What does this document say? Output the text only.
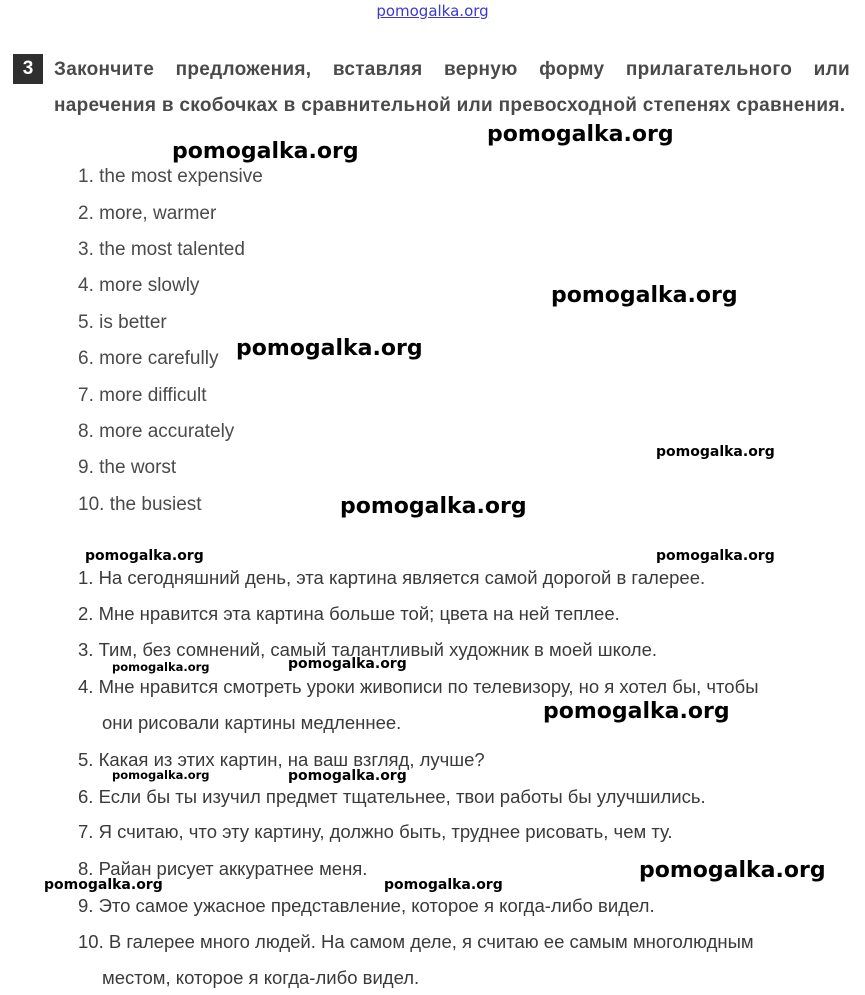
pomogalka.org
3	Закончите предложения, вставляя верную форму прилагательного или наречения в скобочках в сравнительной или превосходной степенях сравнения.
1. the most expensive
2. more, warmer
3. the most talented
4. more slowly
5. is better
6. more carefully
7. more difficult
8. more accurately
9. the worst
10. the busiest
1. На сегодняшний день, эта картина является самой дорогой в галерее.
2. Мне нравится эта картина больше той; цвета на ней теплее.
3. Тим, без сомнений, самый талантливый художник в моей школе.
4. Мне нравится смотреть уроки живописи по телевизору, но я хотел бы, чтобы
они рисовали картины медленнее.
5. Какая из этих картин, на ваш взгляд, лучше?
6. Если бы ты изучил предмет тщательнее, твои работы бы улучшились.
7. Я считаю, что эту картину, должно быть, труднее рисовать, чем ту.
8. Райан рисует аккуратнее меня.
9. Это самое ужасное представление, которое я когда-либо видел.
10. В галерее много людей. На самом деле, я считаю ее самым многолюдным
местом, которое я когда-либо видел.
pomogalka.org
pomogalka.org
pomogalka.org
pomogalka.org
pomogalka.org
pomogalka.org
pomogalka.org	pomogalka.org
pomogalka.org	pomogalka.org
pomogalka.org
pomogalka.org	pomogalka.org
pomogalka.org
pomogalka.org	pomogalka.org
